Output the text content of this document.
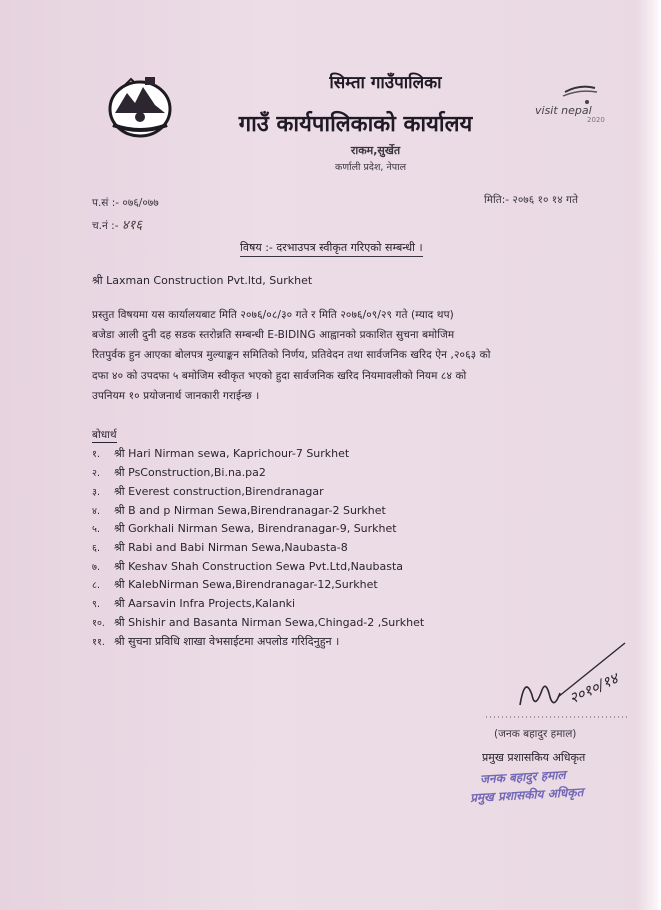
सिम्ता गाउँपालिका
गाउँ कार्यपालिकाको कार्यालय
राकम,सुर्खेत
कर्णाली प्रदेश, नेपाल
visit nepal
2020
प.सं :- ०७६/०७७
च.नं :- ४१६
मिति:- २०७६ १० १४ गते
विषय :- दरभाउपत्र स्वीकृत गरिएको सम्बन्धी ।
श्री Laxman Construction Pvt.ltd, Surkhet
प्रस्तुत विषयमा यस कार्यालयबाट मिति २०७६/०८/३० गते र मिति २०७६/०९/२९ गते (म्याद थप)
बजेडा आली दुनी दह सडक स्तरोन्नति सम्बन्धी E-BIDING आह्वानको प्रकाशित सुचना बमोजिम
रितपुर्वक हुन आएका बोलपत्र मुल्याङ्कन समितिको निर्णय, प्रतिवेदन तथा सार्वजनिक खरिद ऐन ,२०६३ को
दफा ४० को उपदफा ५ बमोजिम स्वीकृत भएको हुदा सार्वजनिक खरिद नियमावलीको नियम ८४ को
उपनियम १० प्रयोजनार्थ जानकारी गराईन्छ ।
बोधार्थ
१. श्री Hari Nirman sewa, Kaprichour-7 Surkhet
२. श्री PsConstruction,Bi.na.pa2
३. श्री Everest construction,Birendranagar
४. श्री B and p Nirman Sewa,Birendranagar-2 Surkhet
५. श्री Gorkhali Nirman Sewa, Birendranagar-9, Surkhet
६. श्री Rabi and Babi Nirman Sewa,Naubasta-8
७. श्री Keshav Shah Construction Sewa Pvt.Ltd,Naubasta
८. श्री KalebNirman Sewa,Birendranagar-12,Surkhet
९. श्री Aarsavin Infra Projects,Kalanki
१०. श्री Shishir and Basanta Nirman Sewa,Chingad-2 ,Surkhet
११. श्री सुचना प्रविधि शाखा वेभसाईटमा अपलोड गरिदिनुहुन ।
२०१०/१४
(जनक बहादुर हमाल)
प्रमुख प्रशासकिय अधिकृत
जनक बहादुर हमाल
प्रमुख प्रशासकीय अधिकृत
